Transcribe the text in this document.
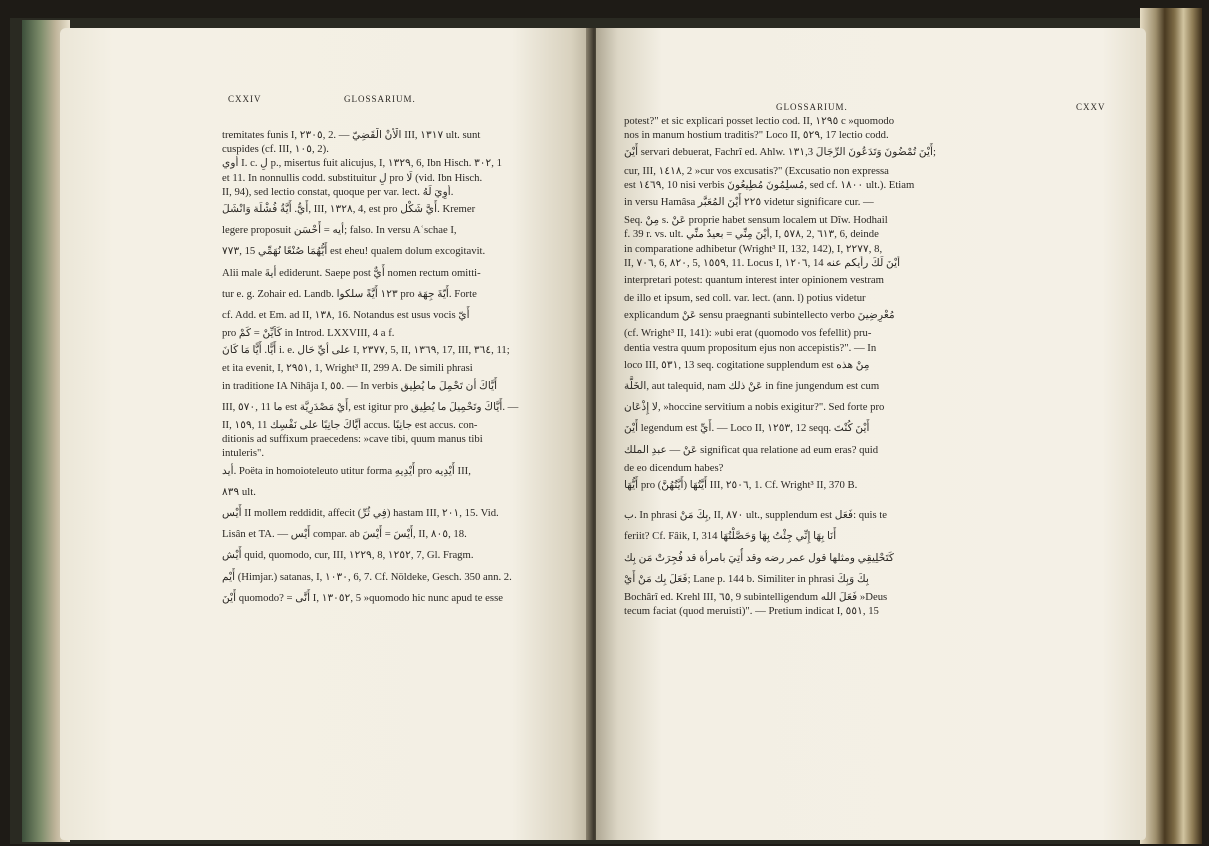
CXXIV	GLOSSARIUM.
tremitates funis I, ٢٣٠٥, 2. — الْأَنْ الْقَضِيّ III, ١٣١٧ ult. sunt
cuspides (cf. III, ١٠٥, 2).
أُوي I. c. لِ p., misertus fuit alicujus, I, ١٣٢٩, 6, Ibn Hisch. ٣٠٢, 1
et 11. In nonnullis codd. substituitur لِ pro لَا (vid. Ibn Hisch.
II, 94), sed lectio constat, quoque per var. lect. أُوِيَ لَهُ.
أَيُّ. أَيَّةُ فُشْلَة وَانْشَلَ, III, ١٣٢٨, 4, est pro أَيَّ شَكْل. Kremer
legere proposuit أيه = أَحْسَن; falso. In versu Aʿschae I,
٧٧٣, 15 أَيُّهُمَا صُنْعًا نُهَمِّي est eheu! qualem dolum excogitavit.
Alii male أيةَ ediderunt. Saepe post أَيٌّ nomen rectum omitti-
tur e. g. Zohair ed. Landb. ١٢٣ أَيَّةً سلكوا pro أَيّةَ جِهَة. Forte
cf. Add. et Em. ad II, ١٣٨, 16. Notandus est usus vocis أَيّ
pro كَأَيِّنْ = كَمْ in Introd. LXXVIII, 4 a f.
أَيًّا. أَيًّا مَا كَانَ i. e. على أيِّ حَال I, ٢٣٧٧, 5, II, ١٣٦٩, 17, III, ٣٦٤, 11;
et ita evenit, I, ٢٩٥١, 1, Wright³ II, 299 A. De simili phrasi
in traditione IA Nihâja I, ٥٥. — In verbis أَيَّاكَ أن تَحْمِلَ ما يُطِيق
III, ٥٧٠, 11 ما est أَيْ مَصْدَرِيَّة, est igitur pro أَيَّاكَ وتَحْمِيلَ ما يُطِيق. —
II, ١٥٩, 11 أَيَّاكَ جانِبًا على نَفْسِك accus. جانِبًا est accus. con-
ditionis ad suffixum praecedens: »cave tibi, quum manus tibi
intuleris".
أيد. Poëta in homoioteleuto utitur forma أَيْدِيهِ pro أَيْدِيه III,
٨٣٩ ult.
أَيْس II mollem reddidit, affecit (فِي ثُرِّ) hastam III, ٢٠١, 15. Vid.
Lisân et TA. — أَيْس compar. ab أَيْسَ = أَيْسَ, II, ٨٠٥, 18.
أَيْش quid, quomodo, cur, III, ١٢٢٩, 8, ١٢٥٢, 7, Gl. Fragm.
أَيْم (Himjar.) satanas, I, ١٠٣٠, 6, 7. Cf. Nöldeke, Gesch. 350 ann. 2.
أَيْنَ quomodo? = أَنَّى I, ١٣٠٥٢, 5 »quomodo hic nunc apud te esse
GLOSSARIUM.	CXXV
potest?" et sic explicari posset lectio cod. II, ١٢٩٥ c »quomodo
nos in manum hostium traditis?" Loco II, ٥٢٩, 17 lectio codd.
أَيْنَ servari debuerat, Fachrî ed. Ahlw. ١٣١,3 أَيْنَ تُمْضُونَ وَتَدَعُونَ الرِّجَالَ;
cur, III, ١٤١٨, 2 »cur vos excusatis?" (Excusatio non expressa
est ١٤٦٩, 10 nisi verbis مُسلِمُونَ مُطِيعُونَ, sed cf. ١٨٠٠ ult.). Etiam
in versu Hamâsa ٢٢٥ أَيْنَ المُعَبَّر videtur significare cur. —
Seq. مِنْ s. عَنْ proprie habet sensum localem ut Dîw. Hodhail
f. 39 r. vs. ult. أَيْنَ مِنِّي = بعيدٌ منِّي, I, ٥٧٨, 2, ٦١٣, 6, deinde
in comparatione adhibetur (Wright³ II, 132, 142), I, ٢٢٧٧, 8,
II, ٧٠٦, 6, ٨٢٠, 5, ١٥٥٩, 11. Locus I, ١٢٠٦, 14 أَيْنَ لَكَ رأيكم عنه
interpretari potest: quantum interest inter opinionem vestram
de illo et ipsum, sed coll. var. lect. (ann. l) potius videtur
explicandum عَنْ sensu praegnanti subintellecto verbo مُعْرِضِينَ
(cf. Wright³ II, 141): »ubi erat (quomodo vos fefellit) pru-
dentia vestra quum propositum ejus non accepistis?". — In
loco III, ٥٣١, 13 seq. cogitatione supplendum est مِنْ هذه
الخَلَّة, aut talequid, nam عَنْ ذلك in fine jungendum est cum
لا إِذْعَان, »hoccine servitium a nobis exigitur?". Sed forte pro
أَيْنَ legendum est أَيِّ. — Loco II, ١٢٥٣, 12 seqq. أَيْنَ كُنْتَ
عَنْ — عبدِ الملك significat qua relatione ad eum eras? quid
de eo dicendum habes?
أَيُّهَا pro أَيَّتُهَا (أَيَّتُهُنَّ) III, ٢٥٠٦, 1. Cf. Wright³ II, 370 B.
ب. In phrasi بِكَ مَنْ, II, ٨٧٠ ult., supplendum est فَعَل: quis te
feriit? Cf. Fâik, I, 314 أَنَا بِهَا إِنِّي جِئْتُ بِهَا وَحَصَّلْتُهَا
كَتَحْلِيقِي ومثلها قول عمر رضه وقد أُتِيَ بامرأة قد فُجِرَتْ مَن بِك
فَعَلَ بِك مَنْ أَيْ; Lane p. 144 b. Similiter in phrasi بِكَ وَبِكَ
Bochârî ed. Krehl III, ٦٥, 9 subintelligendum فَعَلَ الله »Deus
tecum faciat (quod meruisti)". — Pretium indicat I, ٥٥١, 15
